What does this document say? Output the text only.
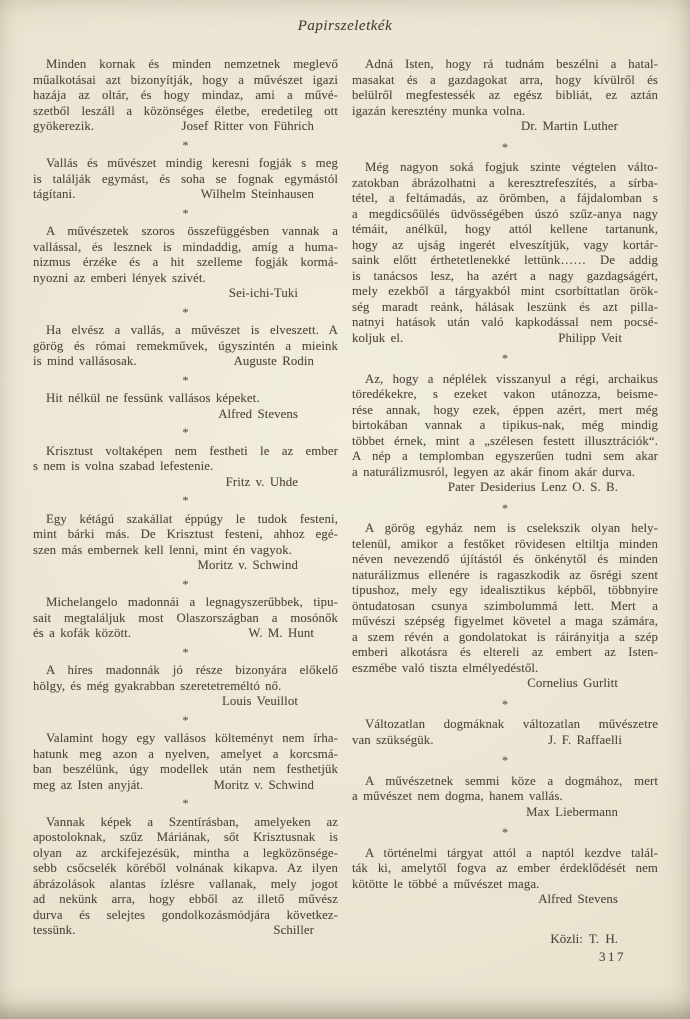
Papirszeletkék
Minden kornak és minden nemzetnek meglevő
műalkotásai azt bizonyítják, hogy a művészet igazi
hazája az oltár, és hogy mindaz, ami a művé-
szetből leszáll a közönséges életbe, eredetileg ott
gyökerezik.	Josef Ritter von Führich
*
Vallás és művészet mindig keresni fogják s meg
is találják egymást, és soha se fognak egymástól
tágítani.	Wilhelm Steinhausen
*
A művészetek szoros összefüggésben vannak a
vallással, és lesznek is mindaddig, amíg a huma-
nizmus érzéke és a hit szelleme fogják kormá-
nyozni az emberi lények szivét.
Sei-ichi-Tuki
*
Ha elvész a vallás, a művészet is elveszett. A
görög és római remekművek, úgyszintén a mieink
is mind vallásosak.	Auguste Rodin
*
Hit nélkül ne fessünk vallásos képeket.
Alfred Stevens
*
Krisztust voltaképen nem festheti le az ember
s nem is volna szabad lefestenie.
Fritz v. Uhde
*
Egy kétágú szakállat éppúgy le tudok festeni,
mint bárki más. De Krisztust festeni, ahhoz egé-
szen más embernek kell lenni, mint én vagyok.
Moritz v. Schwind
*
Michelangelo madonnái a legnagyszerűbbek, tipu-
sait megtaláljuk most Olaszországban a mosónők
és a kofák között.	W. M. Hunt
*
A híres madonnák jó része bizonyára előkelő
hölgy, és még gyakrabban szeretetreméltó nő.
Louis Veuillot
*
Valamint hogy egy vallásos költeményt nem írha-
hatunk meg azon a nyelven, amelyet a korcsmá-
ban beszélünk, úgy modellek után nem festhetjük
meg az Isten anyját.	Moritz v. Schwind
*
Vannak képek a Szentírásban, amelyeken az
apostoloknak, szűz Máriának, sőt Krisztusnak is
olyan az arckifejezésük, mintha a legközönsége-
sebb csőcselék köréből volnának kikapva. Az ilyen
ábrázolások alantas ízlésre vallanak, mely jogot
ad nekünk arra, hogy ebből az illető művész
durva és selejtes gondolkozásmódjára következ-
tessünk.	Schiller
Adná Isten, hogy rá tudnám beszélni a hatal-
masakat és a gazdagokat arra, hogy kívülről és
belülről megfestessék az egész bibliát, ez aztán
igazán keresztény munka volna.
Dr. Martin Luther
*
Még nagyon soká fogjuk szinte végtelen válto-
zatokban ábrázolhatni a keresztrefeszítés, a sírba-
tétel, a feltámadás, az örömben, a fájdalomban s
a megdicsőülés üdvösségében úszó szűz-anya nagy
témáit, anélkül, hogy attól kellene tartanunk,
hogy az ujság ingerét elveszítjük, vagy kortár-
saink előtt érthetetlenekké lettünk…… De addig
is tanácsos lesz, ha azért a nagy gazdagságért,
mely ezekből a tárgyakból mint csorbíttatlan örök-
ség maradt reánk, hálásak leszünk és azt pilla-
natnyi hatások után való kapkodással nem pocsé-
koljuk el.	Philipp Veit
*
Az, hogy a néplélek visszanyul a régi, archaikus
töredékekre, s ezeket vakon utánozza, beisme-
rése annak, hogy ezek, éppen azért, mert még
birtokában vannak a tipikus-nak, még mindig
többet érnek, mint a „szélesen festett illusztrációk“.
A nép a templomban egyszerűen tudni sem akar
a naturálizmusról, legyen az akár finom akár durva.
Pater Desiderius Lenz O. S. B.
*
A görög egyház nem is cselekszik olyan hely-
telenül, amikor a festőket rövidesen eltiltja minden
néven nevezendő újítástól és önkénytől és minden
naturálizmus ellenére is ragaszkodik az ősrégi szent
tipushoz, mely egy idealisztikus képből, többnyire
öntudatosan csunya szimbolummá lett. Mert a
művészi szépség figyelmet követel a maga számára,
a szem révén a gondolatokat is ráirányitja a szép
emberi alkotásra és eltereli az embert az Isten-
eszmébe való tiszta elmélyedéstől.
Cornelius Gurlitt
*
Változatlan dogmáknak változatlan művészetre
van szükségük.	J. F. Raffaelli
*
A művészetnek semmi köze a dogmához, mert
a művészet nem dogma, hanem vallás.
Max Liebermann
*
A történelmi tárgyat attól a naptól kezdve talál-
ták ki, amelytől fogva az ember érdeklődését nem
kötötte le többé a művészet maga.
Alfred Stevens
Közli: T. H.
317
